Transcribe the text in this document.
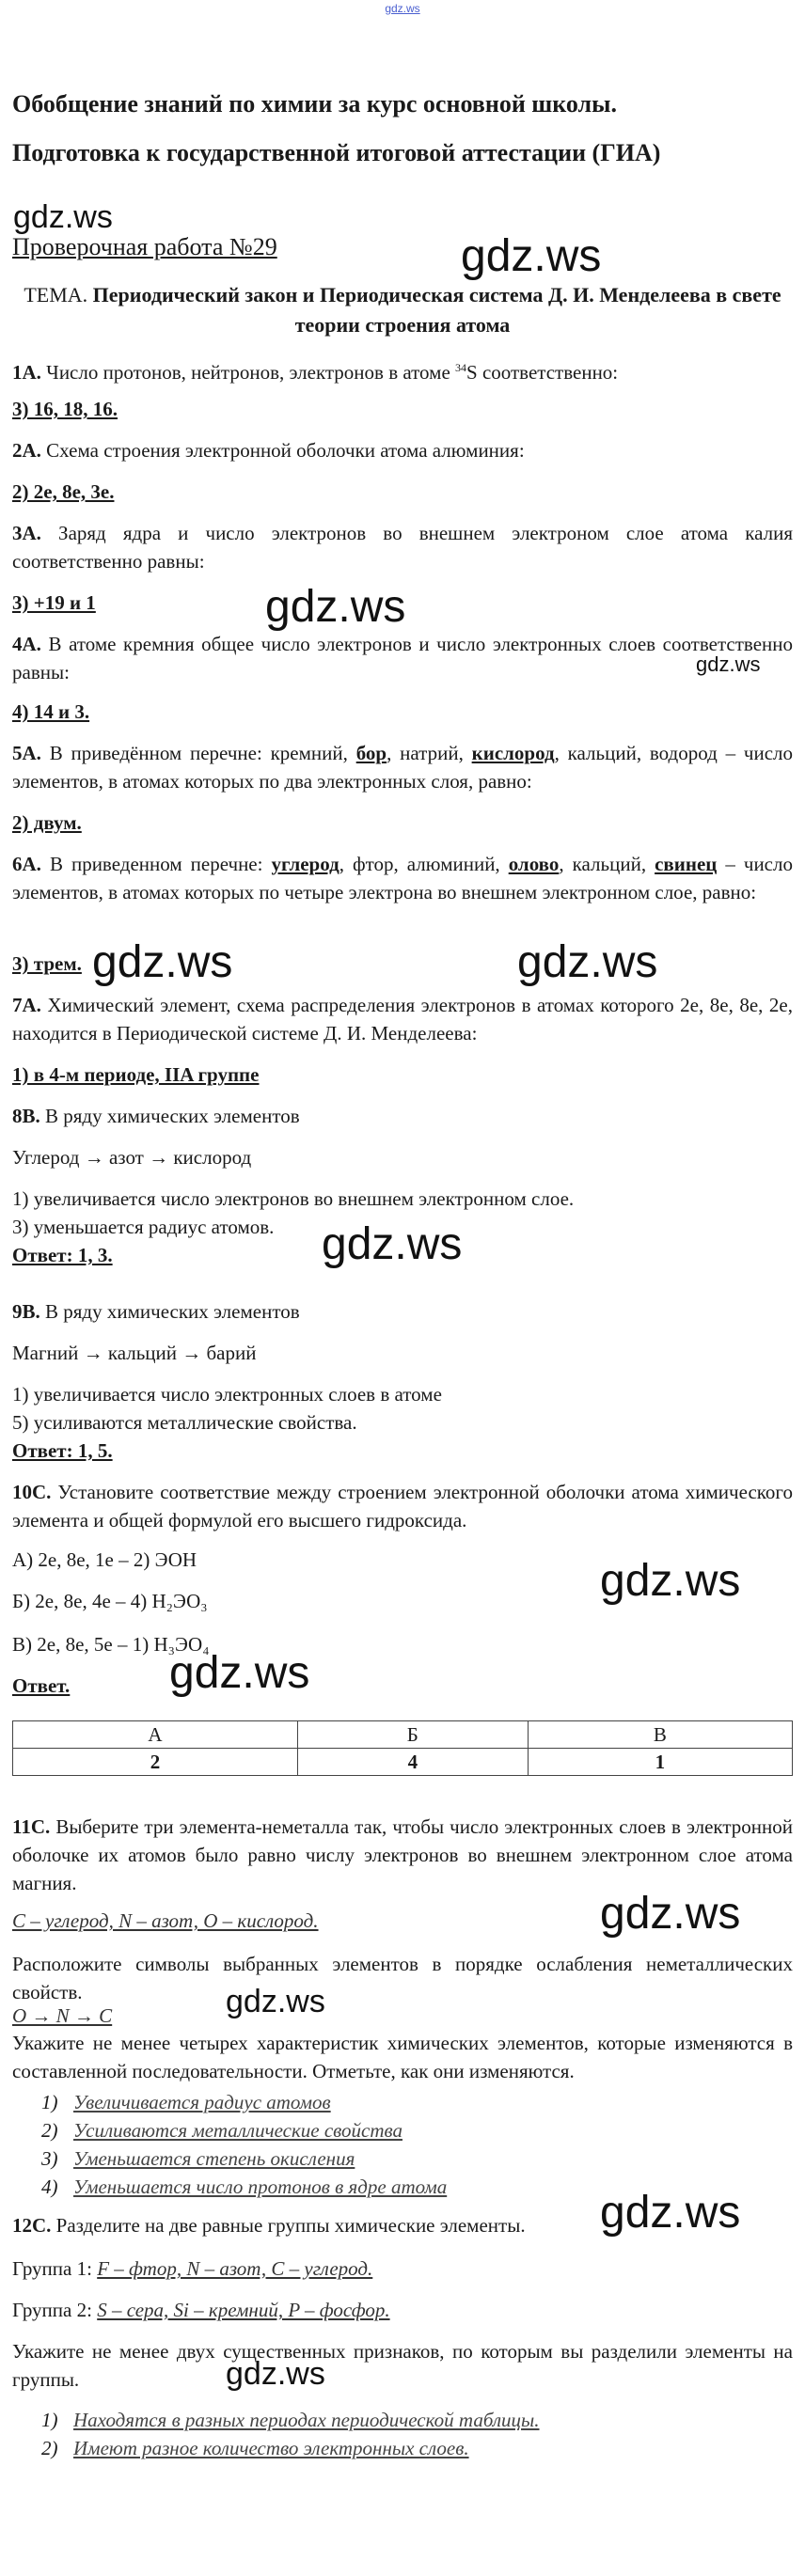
gdz.ws
Обобщение знаний по химии за курс основной школы.
Подготовка к государственной итоговой аттестации (ГИА)
gdz.ws
Проверочная работа №29	gdz.ws
ТЕМА. Периодический закон и Периодическая система Д. И. Менделеева в свете теории строения атома
1А. Число протонов, нейтронов, электронов в атоме $^{34}$S соответственно:
3) 16, 18, 16.
2А. Схема строения электронной оболочки атома алюминия:
2) 2е, 8е, 3е.
3А. Заряд ядра и число электронов во внешнем электроном слое атома калия соответственно равны:
3) +19 и 1	gdz.ws
4А. В атоме кремния общее число электронов и число электронных слоев соответственно равны:	gdz.ws
4) 14 и 3.
5А. В приведённом перечне: кремний, бор, натрий, кислород, кальций, водород – число элементов, в атомах которых по два электронных слоя, равно:
2) двум.
6А. В приведенном перечне: углерод, фтор, алюминий, олово, кальций, свинец – число элементов, в атомах которых по четыре электрона во внешнем электронном слое, равно:
3) трем. gdz.ws	gdz.ws
7А. Химический элемент, схема распределения электронов в атомах которого 2е, 8е, 8е, 2е, находится в Периодической системе Д. И. Менделеева:
1) в 4-м периоде, IIA группе
8В. В ряду химических элементов
Углерод → азот → кислород
1) увеличивается число электронов во внешнем электронном слое.
3) уменьшается радиус атомов.	gdz.ws
Ответ: 1, 3.
9В. В ряду химических элементов
Магний → кальций → барий
1) увеличивается число электронных слоев в атоме
5) усиливаются металлические свойства.
Ответ: 1, 5.
10С. Установите соответствие между строением электронной оболочки атома химического элемента и общей формулой его высшего гидроксида.
А) 2е, 8е, 1е – 2) ЭОН	gdz.ws
Б) 2е, 8е, 4е – 4) H₂ЭО₃
В) 2е, 8е, 5е – 1) H₃ЭО₄
Ответ.	gdz.ws
А	Б	В
2	4	1
11С. Выберите три элемента-неметалла так, чтобы число электронных слоев в электронной оболочке их атомов было равно числу электронов во внешнем электронном слое атома магния.
С – углерод, N – азот, О – кислород.	gdz.ws
Расположите символы выбранных элементов в порядке ослабления неметаллических свойств.	gdz.ws
O → N → C
Укажите не менее четырех характеристик химических элементов, которые изменяются в составленной последовательности. Отметьте, как они изменяются.
1) Увеличивается радиус атомов
2) Усиливаются металлические свойства
3) Уменьшается степень окисления
4) Уменьшается число протонов в ядре атома
12С. Разделите на две равные группы химические элементы.	gdz.ws
Группа 1: F – фтор, N – азот, C – углерод.
Группа 2: S – сера, Si – кремний, P – фосфор.
Укажите не менее двух существенных признаков, по которым вы разделили элементы на группы.	gdz.ws
1) Находятся в разных периодах периодической таблицы.
2) Имеют разное количество электронных слоев.
